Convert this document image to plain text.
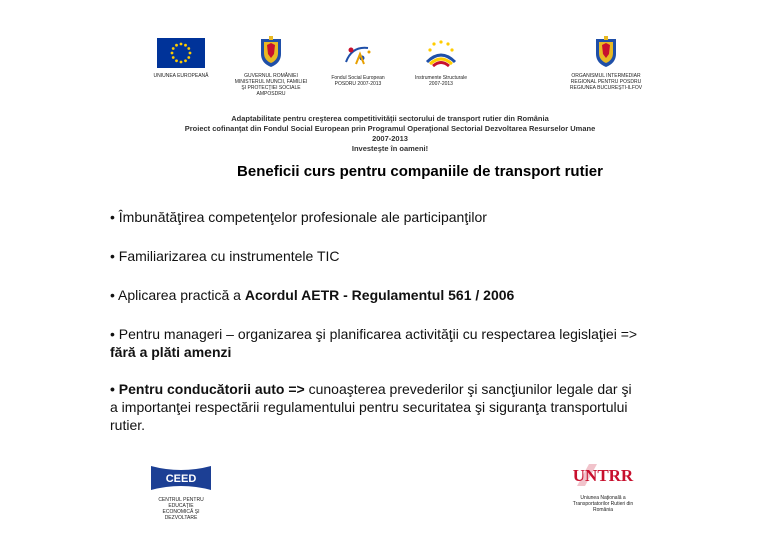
UNIUNEA EUROPEANĂ	GUVERNUL ROMÂNIEI
MINISTERUL MUNCII, FAMILIEI
ŞI PROTECŢIEI SOCIALE
AMPOSDRU
Fondul Social European
POSDRU 2007-2013
Instrumente Structurale
2007-2013
ORGANISMUL INTERMEDIAR
REGIONAL PENTRU POSDRU
REGIUNEA BUCUREŞTI-ILFOV
Adaptabilitate pentru creşterea competitivităţii sectorului de transport rutier din România
Proiect cofinanţat din Fondul Social European prin Programul Operaţional Sectorial Dezvoltarea Resurselor Umane
2007-2013
Investeşte în oameni!
Beneficii curs pentru companiile de transport rutier
• Îmbunătăţirea competenţelor profesionale ale participanţilor
• Familiarizarea cu instrumentele TIC
• Aplicarea practică a Acordul AETR - Regulamentul 561 / 2006
• Pentru manageri – organizarea şi planificarea activităţii cu respectarea legislaţiei =>
fără a plăti amenzi
• Pentru conducătorii auto => cunoaşterea prevederilor şi sancţiunilor legale dar şi
a importanţei respectării regulamentului pentru securitatea şi siguranţa transportului
rutier.
CEED
CENTRUL PENTRU EDUCAŢIE
ECONOMICĂ ŞI DEZVOLTARE
UNTRR
Uniunea Naţională a
Transportatorilor Rutieri din
România
